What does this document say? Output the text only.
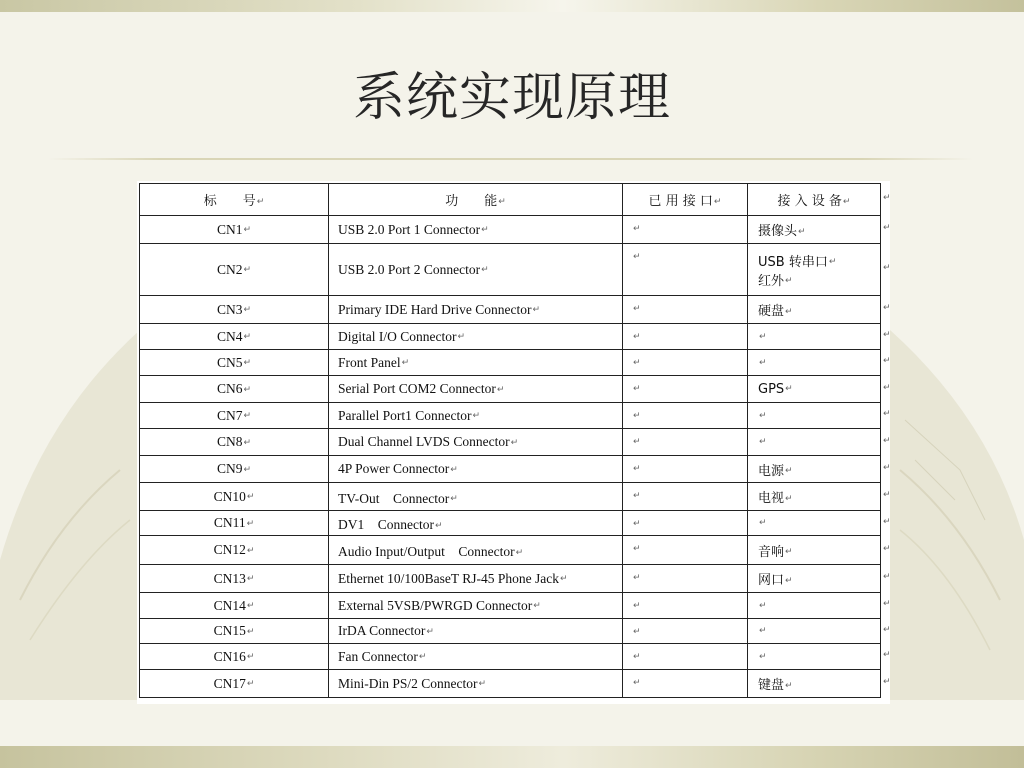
系统实现原理
标　　号↵	功　　能↵	已 用 接 口↵	接 入 设 备↵
CN1↵	USB 2.0 Port 1 Connector↵	↵	摄像头↵
CN2↵	USB 2.0 Port 2 Connector↵	↵	USB 转串口↵
红外↵
CN3↵	Primary IDE Hard Drive Connector↵	↵	硬盘↵
CN4↵	Digital I/O Connector↵	↵	↵
CN5↵	Front Panel↵	↵	↵
CN6↵	Serial Port COM2 Connector↵	↵	GPS↵
CN7↵	Parallel Port1 Connector↵	↵	↵
CN8↵	Dual Channel LVDS Connector↵	↵	↵
CN9↵	4P Power Connector↵	↵	电源↵
CN10↵	TV-Out　Connector↵	↵	电视↵
CN11↵	DV1　Connector↵	↵	↵
CN12↵	Audio Input/Output　Connector↵	↵	音响↵
CN13↵	Ethernet 10/100BaseT RJ-45 Phone Jack↵	↵	网口↵
CN14↵	External 5VSB/PWRGD Connector↵	↵	↵
CN15↵	IrDA Connector↵	↵	↵
CN16↵	Fan Connector↵	↵	↵
CN17↵	Mini-Din PS/2 Connector↵	↵	键盘↵
↵
↵
↵
↵
↵
↵
↵
↵
↵
↵
↵
↵
↵
↵
↵
↵
↵
↵
